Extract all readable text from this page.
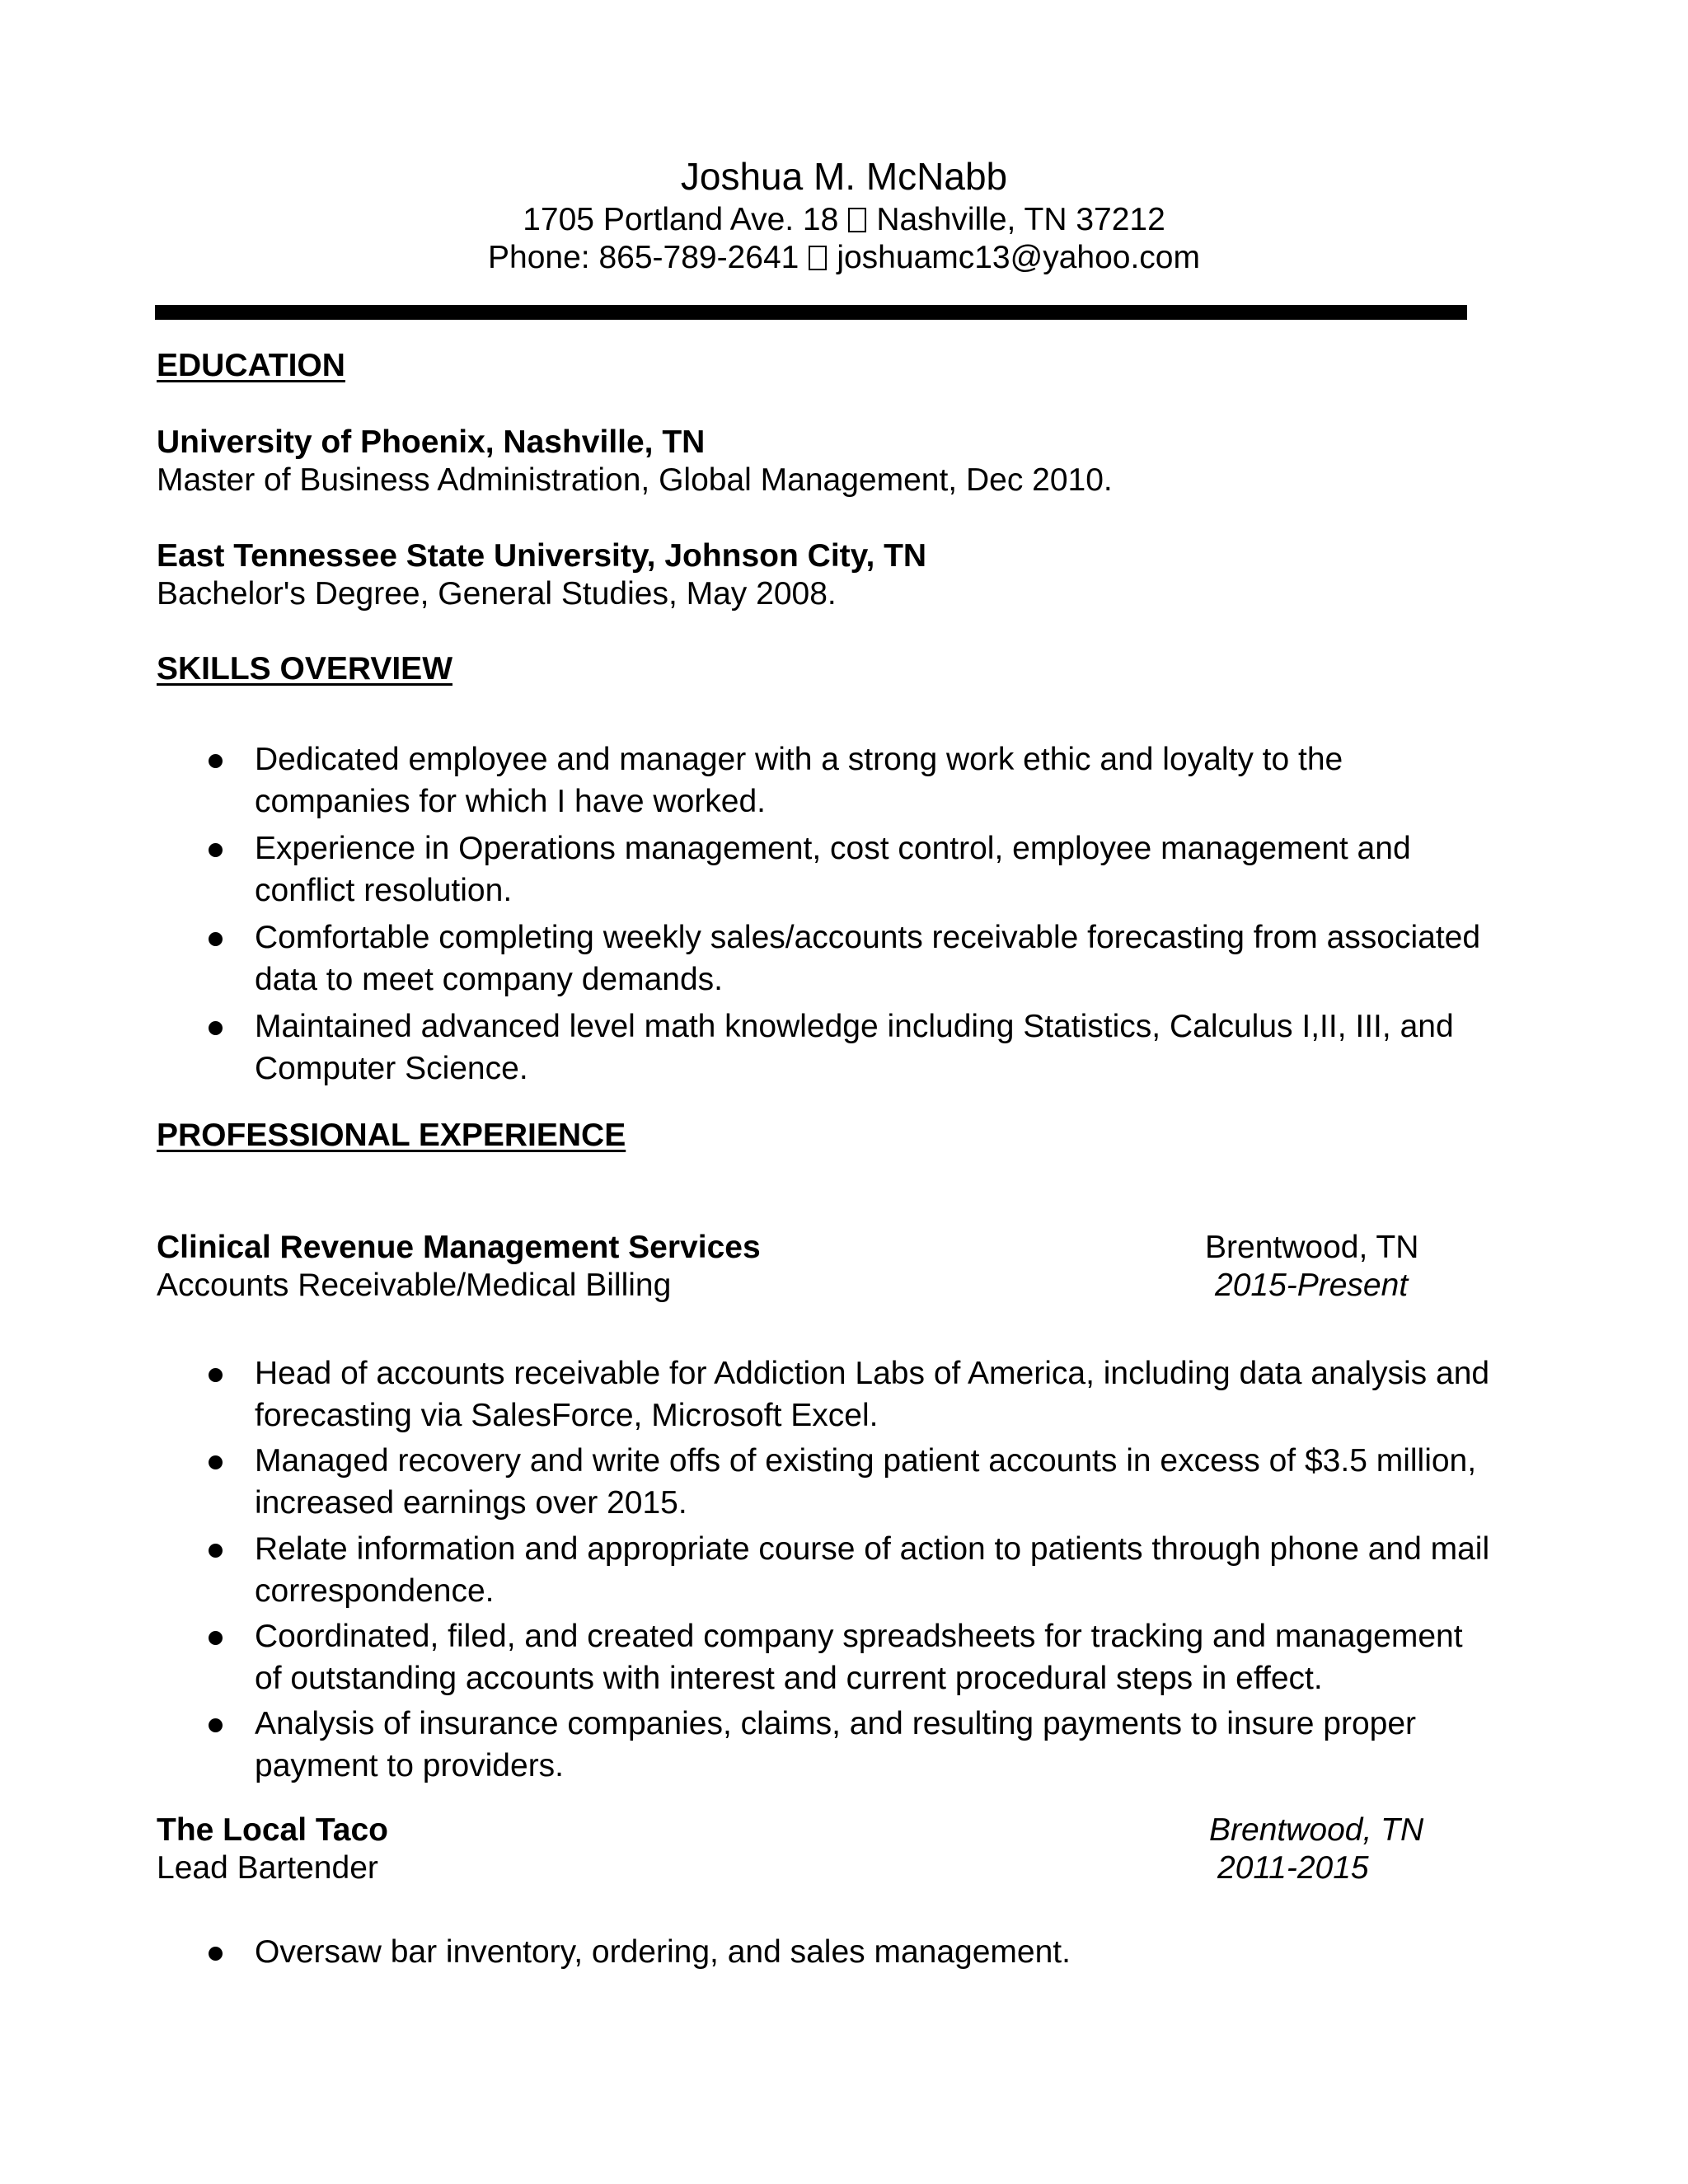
Joshua M. McNabb
1705 Portland Ave. 18 Nashville, TN 37212
Phone: 865-789-2641 joshuamc13@yahoo.com
EDUCATION
University of Phoenix, Nashville, TN
Master of Business Administration, Global Management, Dec 2010.
East Tennessee State University, Johnson City, TN
Bachelor's Degree, General Studies, May 2008.
SKILLS OVERVIEW
Dedicated employee and manager with a strong work ethic and loyalty to the
companies for which I have worked.
Experience in Operations management, cost control, employee management and
conflict resolution.
Comfortable completing weekly sales/accounts receivable forecasting from associated
data to meet company demands.
Maintained advanced level math knowledge including Statistics, Calculus I,II, III, and
Computer Science.
PROFESSIONAL EXPERIENCE
Clinical Revenue Management Services	Brentwood, TN
Accounts Receivable/Medical Billing	2015-Present
Head of accounts receivable for Addiction Labs of America, including data analysis and
forecasting via SalesForce, Microsoft Excel.
Managed recovery and write offs of existing patient accounts in excess of $3.5 million,
increased earnings over 2015.
Relate information and appropriate course of action to patients through phone and mail
correspondence.
Coordinated, filed, and created company spreadsheets for tracking and management
of outstanding accounts with interest and current procedural steps in effect.
Analysis of insurance companies, claims, and resulting payments to insure proper
payment to providers.
The Local Taco	Brentwood, TN
Lead Bartender	2011-2015
Oversaw bar inventory, ordering, and sales management.
